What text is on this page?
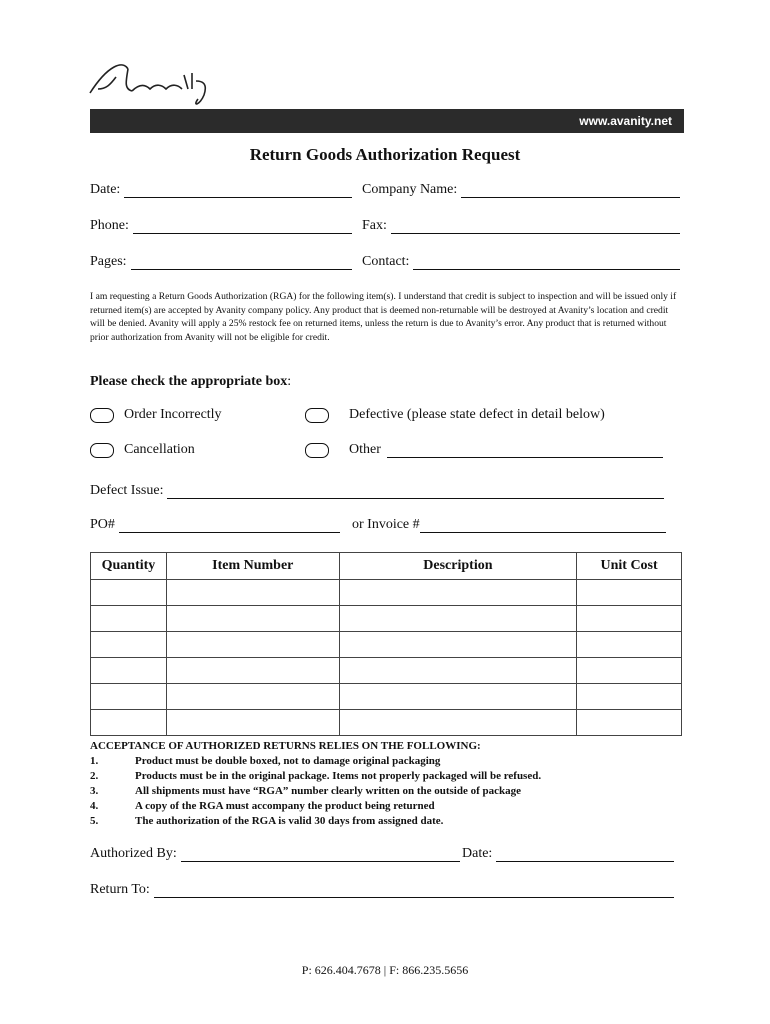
www.avanity.net
Return Goods Authorization Request
Date:	Company Name:
Phone:	Fax:
Pages:	Contact:
I am requesting a Return Goods Authorization (RGA) for the following item(s). I understand that credit is subject to inspection and will be issued only if returned item(s) are accepted by Avanity company policy. Any product that is deemed non-returnable will be destroyed at Avanity’s location and credit will be denied. Avanity will apply a 25% restock fee on returned items, unless the return is due to Avanity’s error. Any product that is returned without prior authorization from Avanity will not be eligible for credit.
Please check the appropriate box:
Order Incorrectly	Defective (please state defect in detail below)
Cancellation	Other
Defect Issue:
PO#	or Invoice #
Quantity	Item Number	Description	Unit Cost

ACCEPTANCE OF AUTHORIZED RETURNS RELIES ON THE FOLLOWING:
1.	Product must be double boxed, not to damage original packaging
2.	Products must be in the original package. Items not properly packaged will be refused.
3.	All shipments must have “RGA” number clearly written on the outside of package
4.	A copy of the RGA must accompany the product being returned
5.	The authorization of the RGA is valid 30 days from assigned date.
Authorized By:	Date:
Return To:
P: 626.404.7678 | F: 866.235.5656
